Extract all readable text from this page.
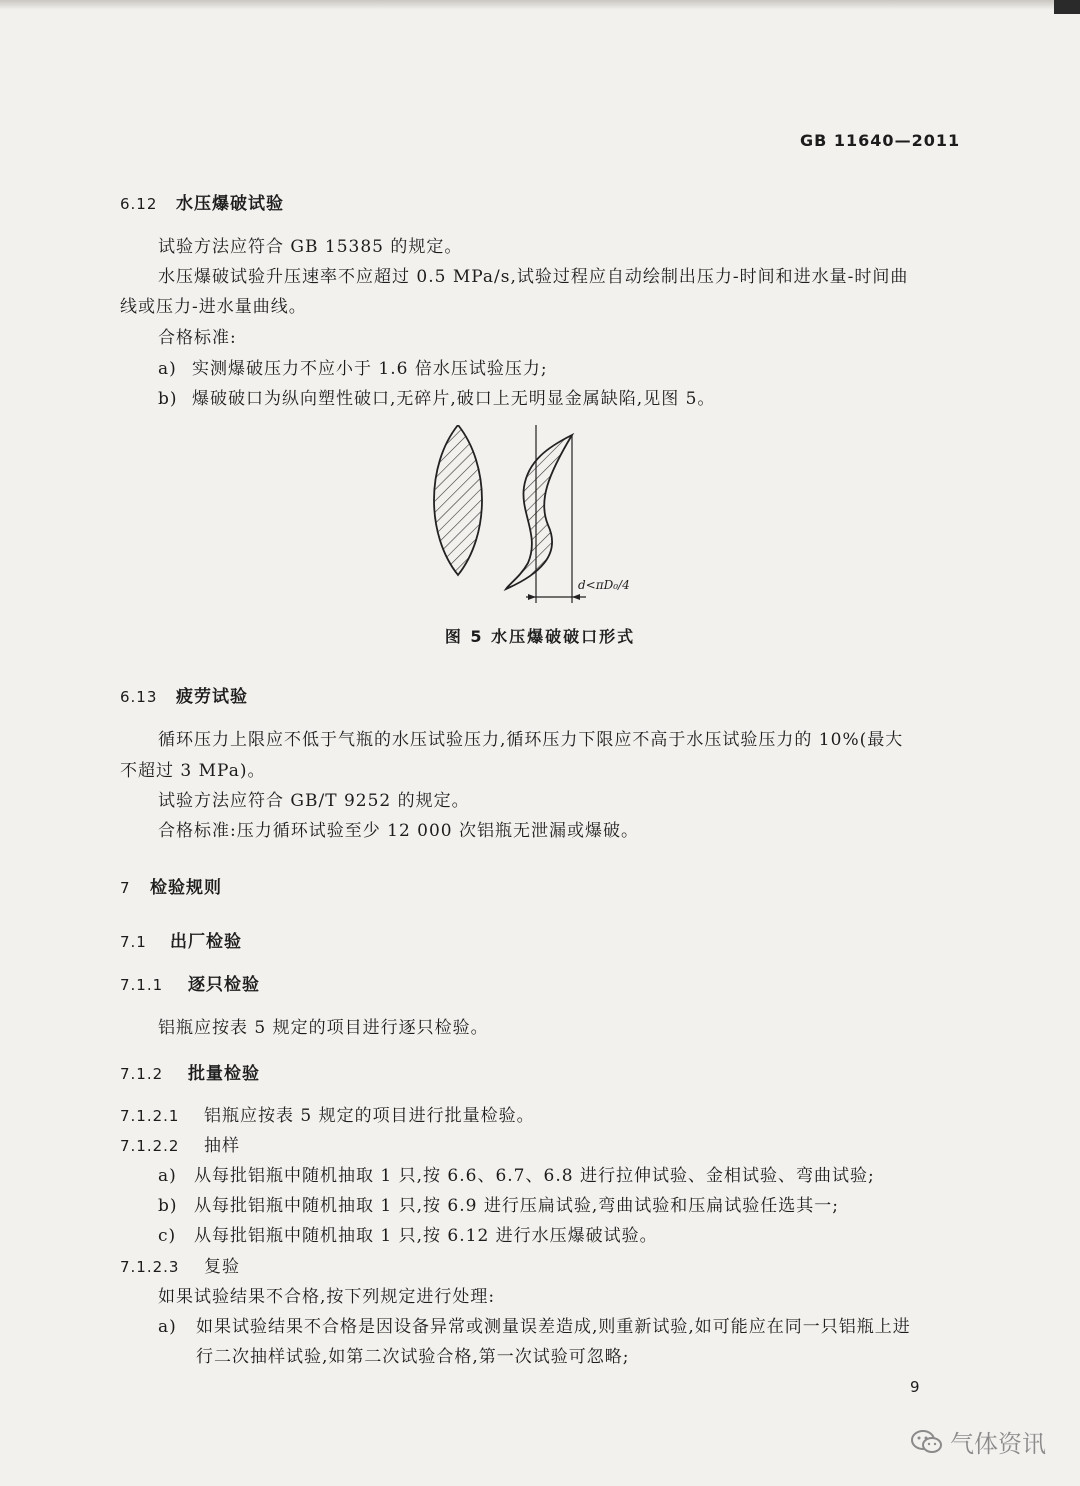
GB 11640—2011
6.12 水压爆破试验
试验方法应符合 GB 15385 的规定。
水压爆破试验升压速率不应超过 0.5 MPa/s,试验过程应自动绘制出压力-时间和进水量-时间曲
线或压力-进水量曲线。
合格标准:
a) 实测爆破压力不应小于 1.6 倍水压试验压力;
b) 爆破破口为纵向塑性破口,无碎片,破口上无明显金属缺陷,见图 5。
d<πD₀/4
图 5 水压爆破破口形式
6.13 疲劳试验
循环压力上限应不低于气瓶的水压试验压力,循环压力下限应不高于水压试验压力的 10%(最大
不超过 3 MPa)。
试验方法应符合 GB/T 9252 的规定。
合格标准:压力循环试验至少 12 000 次铝瓶无泄漏或爆破。
7 检验规则
7.1 出厂检验
7.1.1 逐只检验
铝瓶应按表 5 规定的项目进行逐只检验。
7.1.2 批量检验
7.1.2.1 铝瓶应按表 5 规定的项目进行批量检验。
7.1.2.2 抽样
a) 从每批铝瓶中随机抽取 1 只,按 6.6、6.7、6.8 进行拉伸试验、金相试验、弯曲试验;
b) 从每批铝瓶中随机抽取 1 只,按 6.9 进行压扁试验,弯曲试验和压扁试验任选其一;
c) 从每批铝瓶中随机抽取 1 只,按 6.12 进行水压爆破试验。
7.1.2.3 复验
如果试验结果不合格,按下列规定进行处理:
a) 如果试验结果不合格是因设备异常或测量误差造成,则重新试验,如可能应在同一只铝瓶上进
行二次抽样试验,如第二次试验合格,第一次试验可忽略;
9
气体资讯
